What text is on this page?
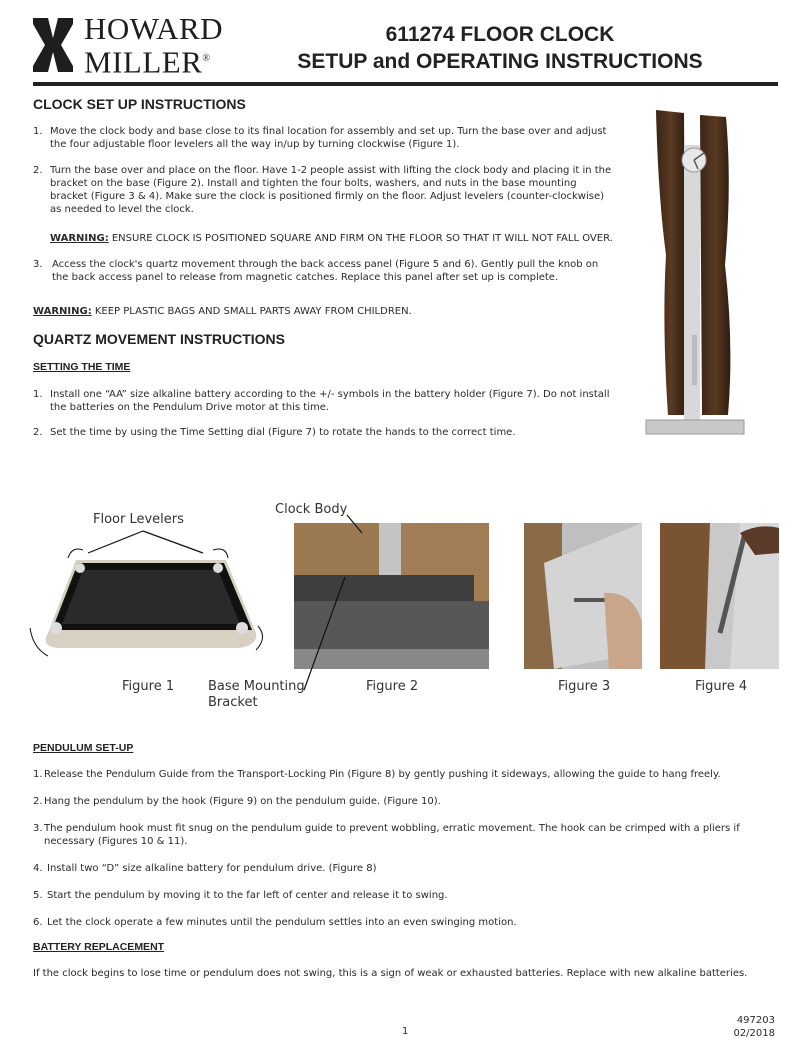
HOWARD
MILLER®
611274 FLOOR CLOCK
SETUP and OPERATING INSTRUCTIONS
CLOCK SET UP INSTRUCTIONS
1. Move the clock body and base close to its final location for assembly and set up. Turn the base over and adjust the four adjustable floor levelers all the way in/up by turning clockwise (Figure 1).
2. Turn the base over and place on the floor. Have 1-2 people assist with lifting the clock body and placing it in the bracket on the base (Figure 2). Install and tighten the four bolts, washers, and nuts in the base mounting bracket (Figure 3 & 4). Make sure the clock is positioned firmly on the floor. Adjust levelers (counter-clockwise) as needed to level the clock.
WARNING: ENSURE CLOCK IS POSITIONED SQUARE AND FIRM ON THE FLOOR SO THAT IT WILL NOT FALL OVER.
3. Access the clock's quartz movement through the back access panel (Figure 5 and 6). Gently pull the knob on the back access panel to release from magnetic catches. Replace this panel after set up is complete.
WARNING: KEEP PLASTIC BAGS AND SMALL PARTS AWAY FROM CHILDREN.
QUARTZ MOVEMENT INSTRUCTIONS
SETTING THE TIME
1. Install one “AA” size alkaline battery according to the +/- symbols in the battery holder (Figure 7). Do not install the batteries on the Pendulum Drive motor at this time.
2. Set the time by using the Time Setting dial (Figure 7) to rotate the hands to the correct time.
Floor Levelers
Figure 1
Clock Body
Base Mounting
Bracket
Figure 2	Figure 3	Figure 4
PENDULUM SET-UP
1. Release the Pendulum Guide from the Transport-Locking Pin (Figure 8) by gently pushing it sideways, allowing the guide to hang freely.
2. Hang the pendulum by the hook (Figure 9) on the pendulum guide. (Figure 10).
3. The pendulum hook must fit snug on the pendulum guide to prevent wobbling, erratic movement. The hook can be crimped with a pliers if necessary (Figures 10 & 11).
4. Install two “D” size alkaline battery for pendulum drive. (Figure 8)
5. Start the pendulum by moving it to the far left of center and release it to swing.
6. Let the clock operate a few minutes until the pendulum settles into an even swinging motion.
BATTERY REPLACEMENT
If the clock begins to lose time or pendulum does not swing, this is a sign of weak or exhausted batteries. Replace with new alkaline batteries.
1
497203
02/2018
